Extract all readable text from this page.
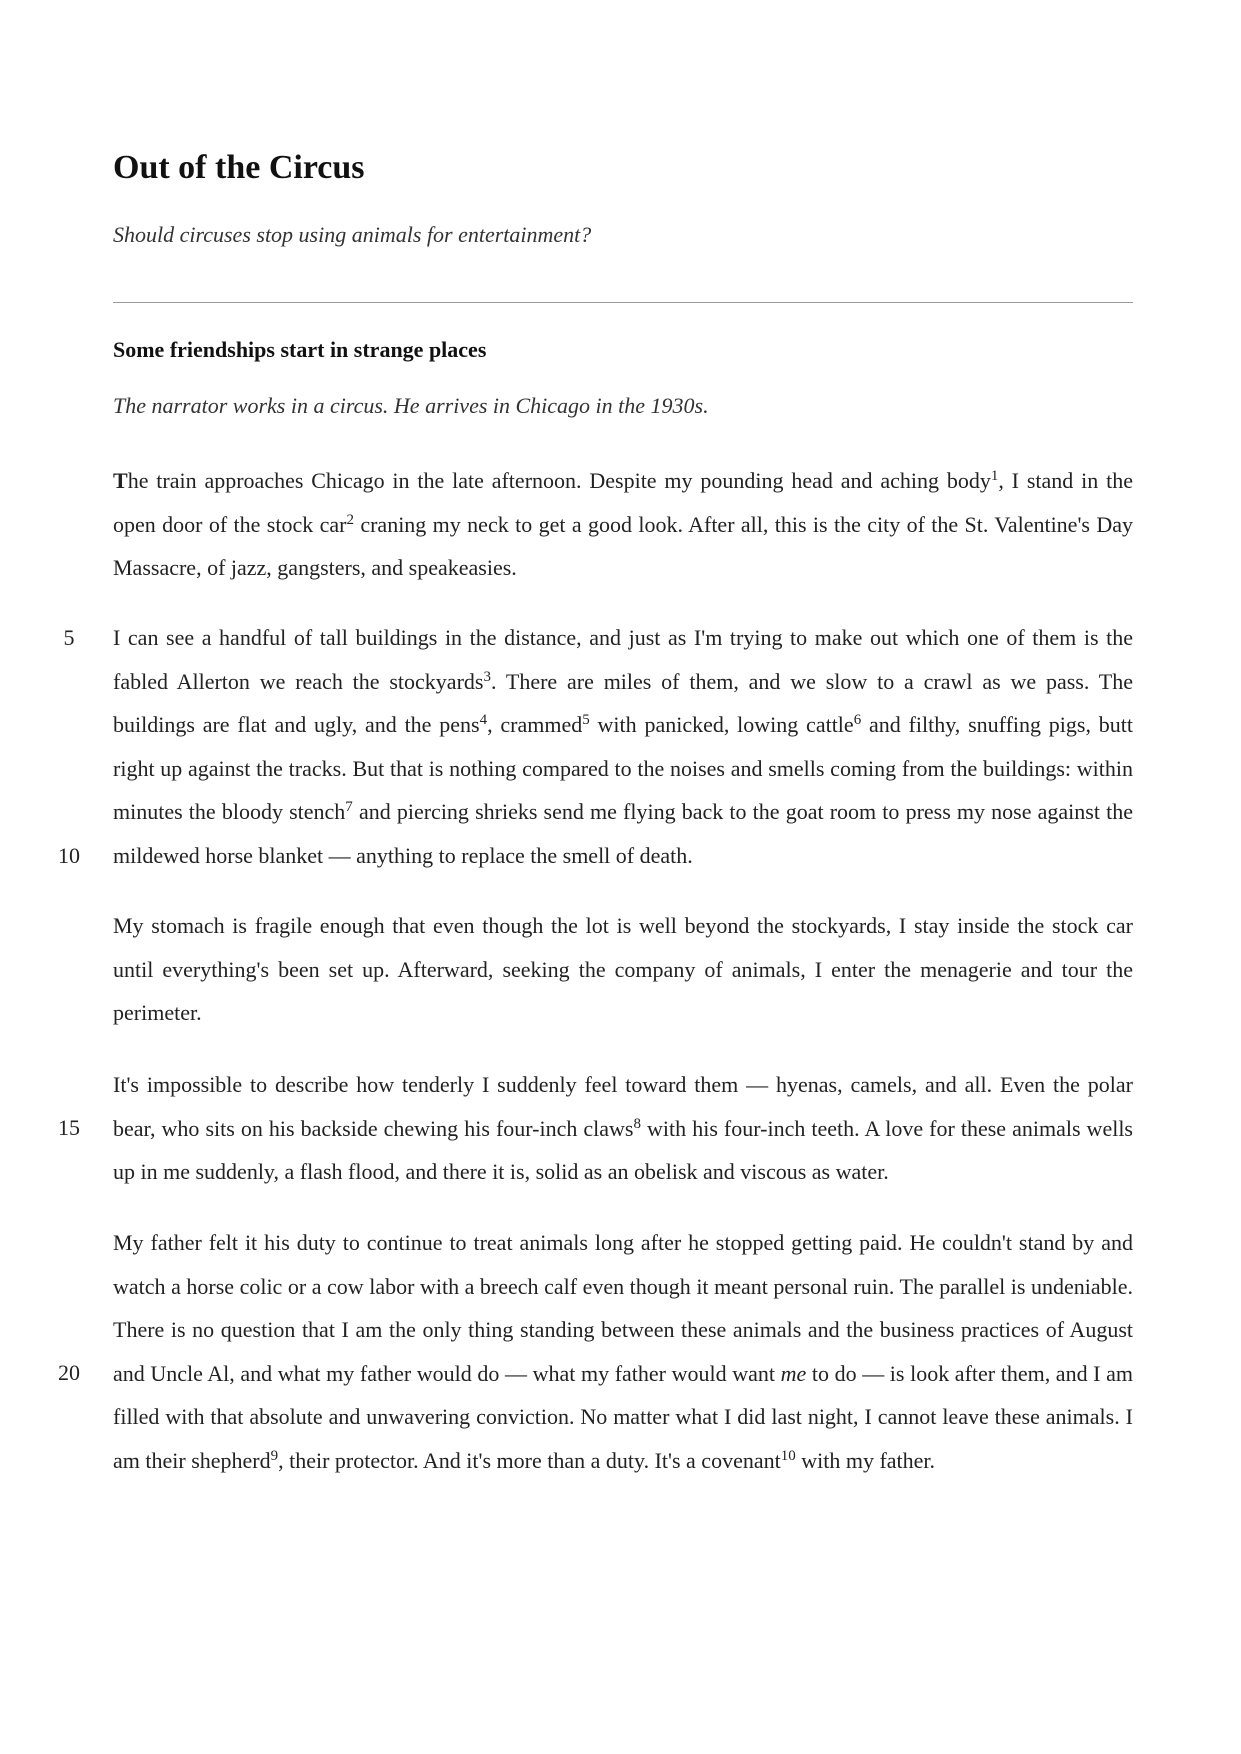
Out of the Circus

Should circuses stop using animals for entertainment?

Some friendships start in strange places

The narrator works in a circus. He arrives in Chicago in the 1930s.

5
10
15
20

The train approaches Chicago in the late afternoon. Despite my pounding head and aching body$^1$, I stand in the open door of the stock car$^2$ craning my neck to get a good look. After all, this is the city of the St. Valentine's Day Massacre, of jazz, gangsters, and speakeasies.

I can see a handful of tall buildings in the distance, and just as I'm trying to make out which one of them is the fabled Allerton we reach the stockyards$^3$. There are miles of them, and we slow to a crawl as we pass. The buildings are flat and ugly, and the pens$^4$, crammed$^5$ with panicked, lowing cattle$^6$ and filthy, snuffing pigs, butt right up against the tracks. But that is nothing compared to the noises and smells coming from the buildings: within minutes the bloody stench$^7$ and piercing shrieks send me flying back to the goat room to press my nose against the mildewed horse blanket — anything to replace the smell of death.

My stomach is fragile enough that even though the lot is well beyond the stockyards, I stay inside the stock car until everything's been set up. Afterward, seeking the company of animals, I enter the menagerie and tour the perimeter.

It's impossible to describe how tenderly I suddenly feel toward them — hyenas, camels, and all. Even the polar bear, who sits on his backside chewing his four-inch claws$^8$ with his four-inch teeth. A love for these animals wells up in me suddenly, a flash flood, and there it is, solid as an obelisk and viscous as water.

My father felt it his duty to continue to treat animals long after he stopped getting paid. He couldn't stand by and watch a horse colic or a cow labor with a breech calf even though it meant personal ruin. The parallel is undeniable. There is no question that I am the only thing standing between these animals and the business practices of August and Uncle Al, and what my father would do — what my father would want me to do — is look after them, and I am filled with that absolute and unwavering conviction. No matter what I did last night, I cannot leave these animals. I am their shepherd$^9$, their protector. And it's more than a duty. It's a covenant$^{10}$ with my father.
